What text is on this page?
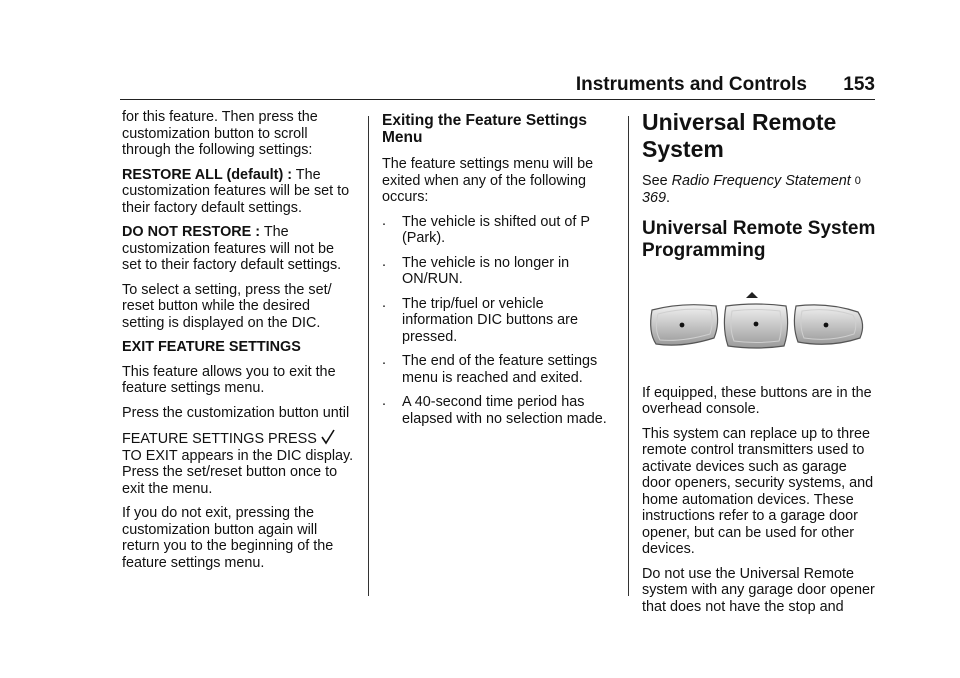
Instruments and Controls 153

for this feature. Then press the customization button to scroll through the following settings:

RESTORE ALL (default) : The customization features will be set to their factory default settings.

DO NOT RESTORE : The customization features will not be set to their factory default settings.

To select a setting, press the set/ reset button while the desired setting is displayed on the DIC.

EXIT FEATURE SETTINGS

This feature allows you to exit the feature settings menu.

Press the customization button until

FEATURE SETTINGS PRESS
TO EXIT appears in the DIC display. Press the set/reset button once to exit the menu.

If you do not exit, pressing the customization button again will return you to the beginning of the feature settings menu.

Exiting the Feature Settings Menu

The feature settings menu will be exited when any of the following occurs:

. The vehicle is shifted out of P (Park).
. The vehicle is no longer in ON/RUN.
. The trip/fuel or vehicle information DIC buttons are pressed.
. The end of the feature settings menu is reached and exited.
. A 40-second time period has elapsed with no selection made.
Universal Remote System

See Radio Frequency Statement 0 369.

Universal Remote System Programming

If equipped, these buttons are in the overhead console.

This system can replace up to three remote control transmitters used to activate devices such as garage door openers, security systems, and home automation devices. These instructions refer to a garage door opener, but can be used for other devices.

Do not use the Universal Remote system with any garage door opener that does not have the stop and
